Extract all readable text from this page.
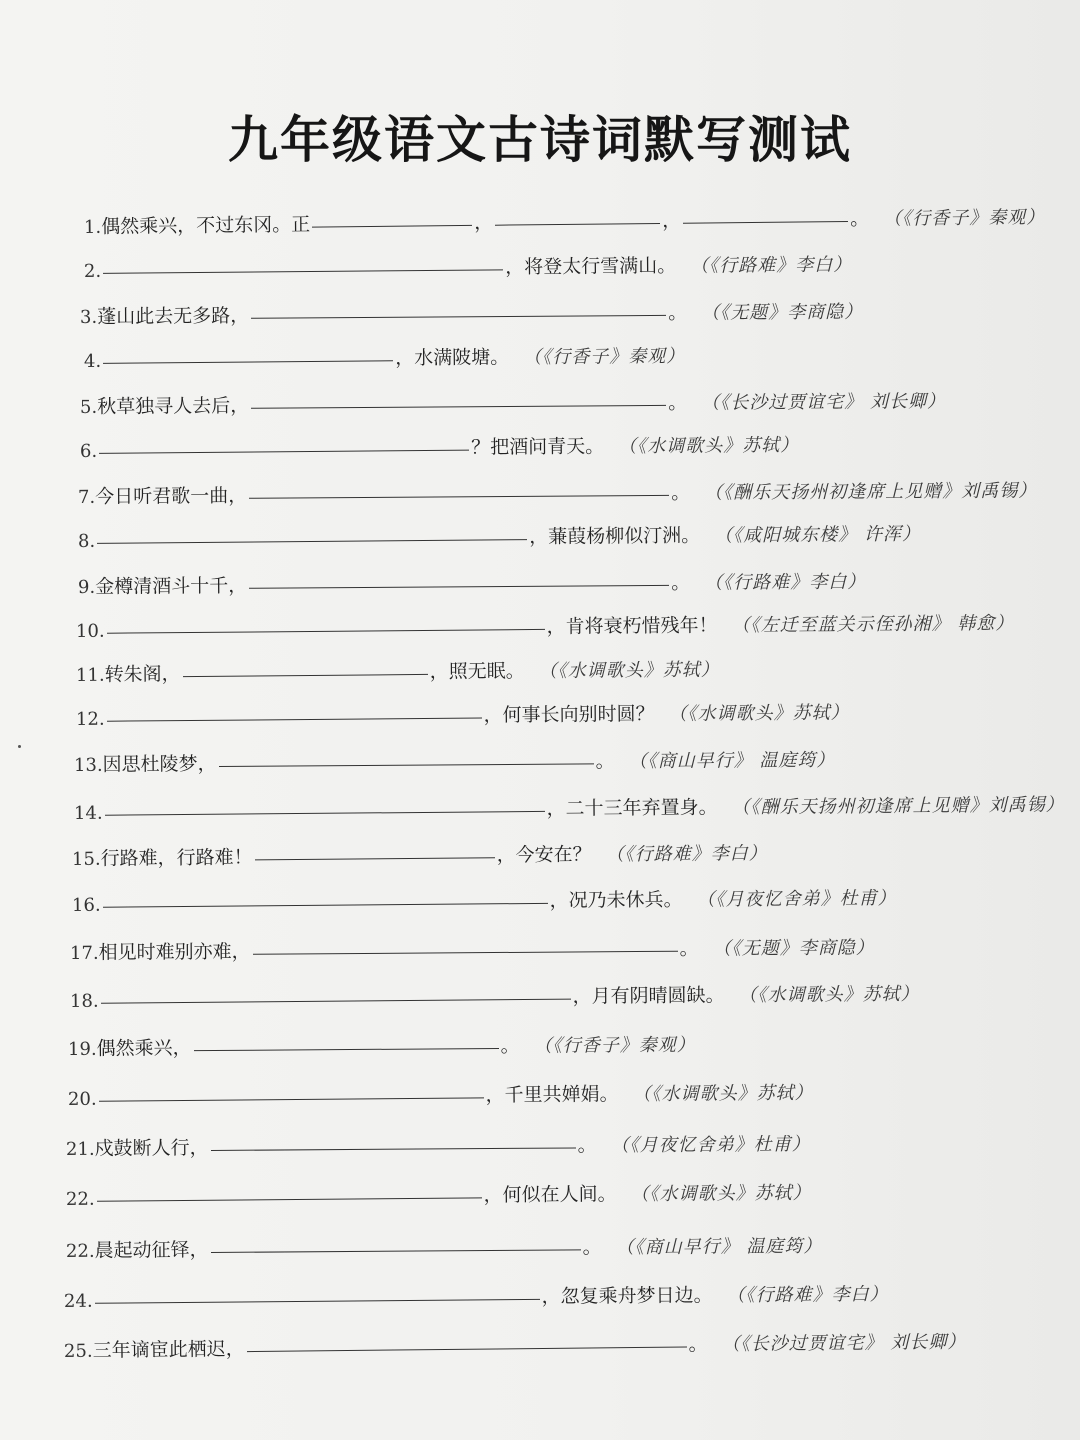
九年级语文古诗词默写测试
1. 偶然乘兴，不过东冈。正	，	，	。 （《行香子》秦观）
2.	，将登太行雪满山。 （《行路难》李白）
3. 蓬山此去无多路，	。 （《无题》李商隐）
4.	，水满陂塘。 （《行香子》秦观）
5. 秋草独寻人去后，	。 （《长沙过贾谊宅》 刘长卿）
6.	？把酒问青天。 （《水调歌头》苏轼）
7. 今日听君歌一曲，	。 （《酬乐天扬州初逢席上见赠》刘禹锡）
8.	，蒹葭杨柳似汀洲。 （《咸阳城东楼》 许浑）
9. 金樽清酒斗十千，	。 （《行路难》李白）
10.	，肯将衰朽惜残年！ （《左迁至蓝关示侄孙湘》 韩愈）
11. 转朱阁，	，照无眠。 （《水调歌头》苏轼）
12.	，何事长向别时圆？ （《水调歌头》苏轼）
13. 因思杜陵梦，	。 （《商山早行》 温庭筠）
14.	，二十三年弃置身。 （《酬乐天扬州初逢席上见赠》刘禹锡）
15. 行路难，行路难！	，今安在？ （《行路难》李白）
16.	，况乃未休兵。 （《月夜忆舍弟》杜甫）
17. 相见时难别亦难，	。 （《无题》李商隐）
18.	，月有阴晴圆缺。 （《水调歌头》苏轼）
19. 偶然乘兴，	。 （《行香子》秦观）
20.	，千里共婵娟。 （《水调歌头》苏轼）
21. 戍鼓断人行，	。 （《月夜忆舍弟》杜甫）
22.	，何似在人间。 （《水调歌头》苏轼）
22. 晨起动征铎，	。 （《商山早行》 温庭筠）
24.	，忽复乘舟梦日边。 （《行路难》李白）
25. 三年谪宦此栖迟，	。 （《长沙过贾谊宅》 刘长卿）
